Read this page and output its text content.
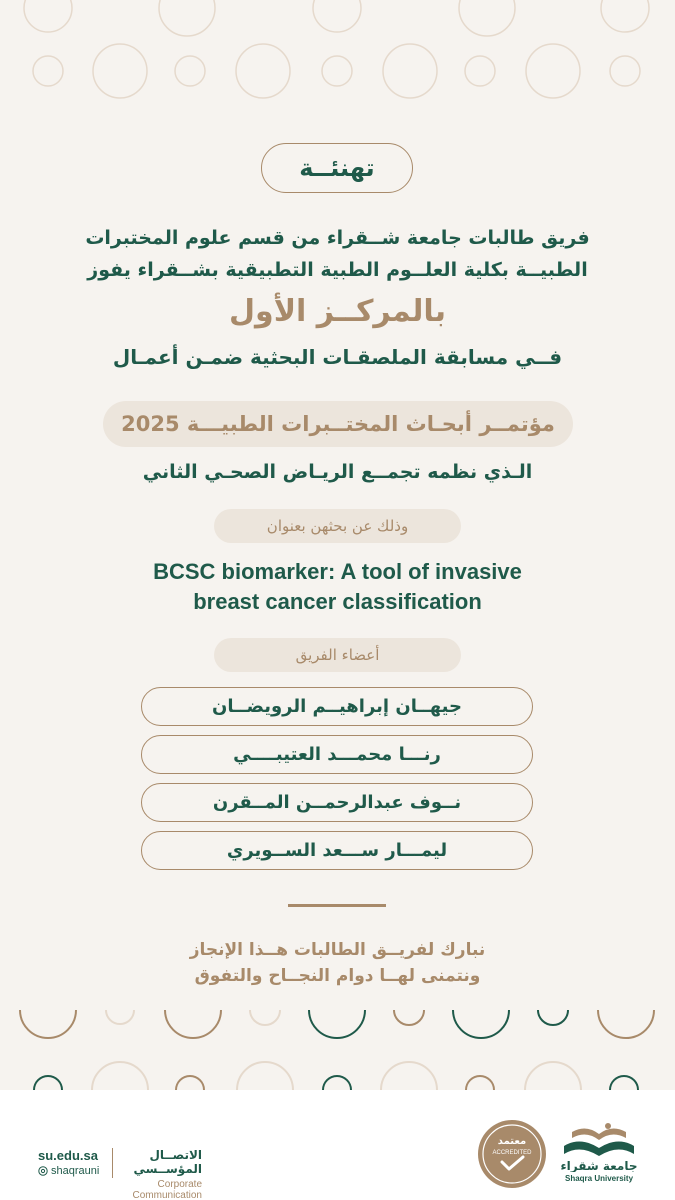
تهنئــة
فريق طالبات جامعة شــقراء من قسم علوم المختبرات
الطبيــة بكلية العلــوم الطبية التطبيقية بشــقراء يفوز
بالمركــز الأول
فــي مسابقة الملصقـات البحثية ضمـن أعمـال
مؤتمــر أبحـاث المختــبرات الطبيـــة 2025
الـذي نظمه تجمــع الريـاض الصحـي الثاني
وذلك عن بحثهن بعنوان
BCSC biomarker: A tool of invasive
breast cancer classification
أعضاء الفريق
جيهــان إبراهيــم الرويضــان
رنـــا محمـــد العتيبــــي
نــوف عبدالرحمــن المــقرن
ليمـــار ســـعد الســويري
نبارك لفريــق الطالبات هــذا الإنجاز
ونتمنى لهــا دوام النجــاح والتفوق
su.edu.sa
shaqrauni
الاتصــال المؤســسي
Corporate Communication
معتمد
ACCREDITED
جامعة شقراء
Shaqra University
